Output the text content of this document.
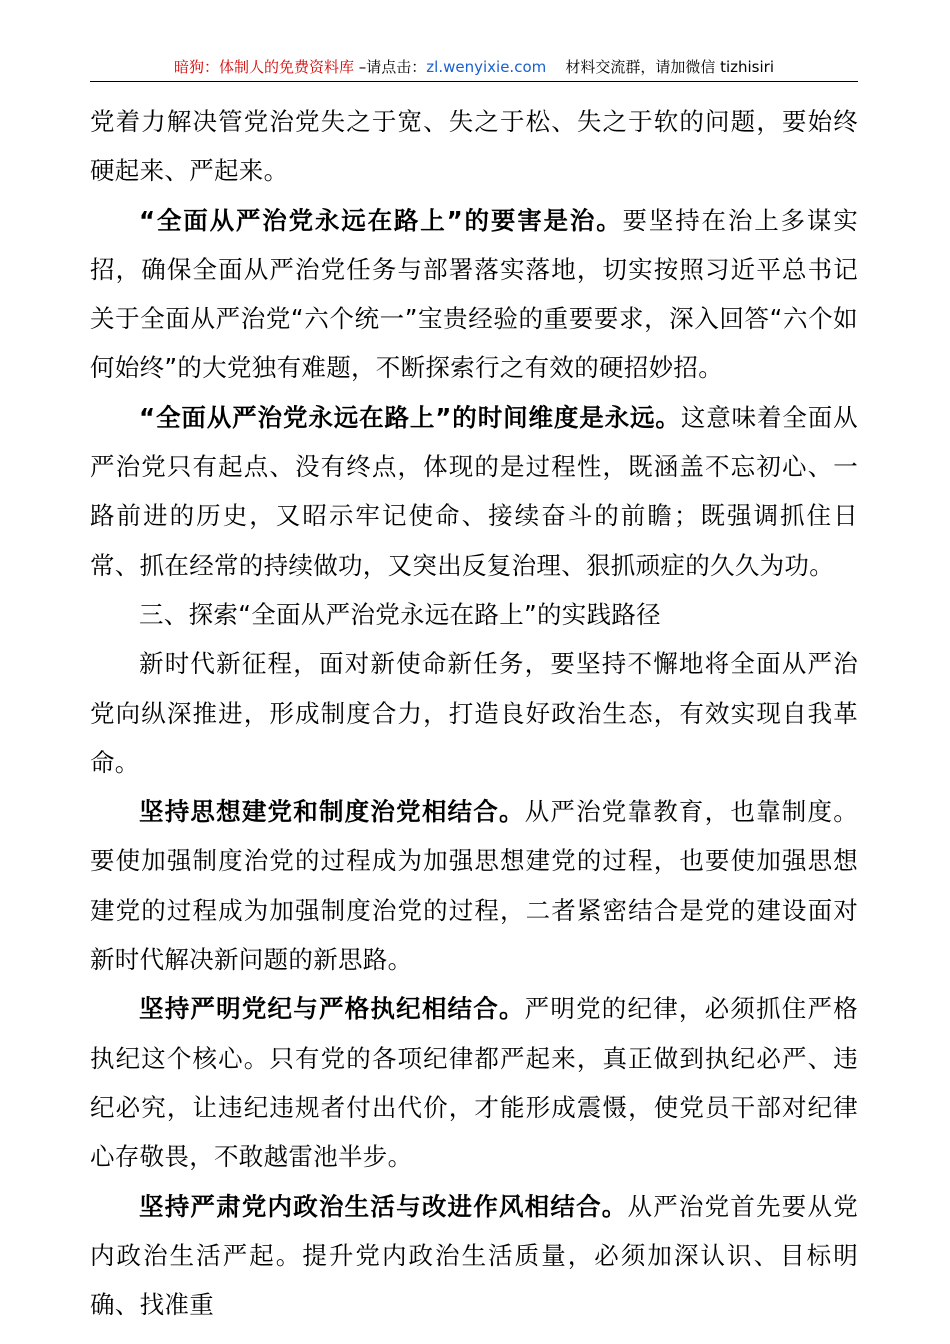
暗狗：体制人的免费资料库 –请点击：zl.wenyixie.com 材料交流群，请加微信 tizhisiri

党着力解决管党治党失之于宽、失之于松、失之于软的问题，要始终硬起来、严起来。

“全面从严治党永远在路上”的要害是治。要坚持在治上多谋实招，确保全面从严治党任务与部署落实落地，切实按照习近平总书记关于全面从严治党“六个统一”宝贵经验的重要要求，深入回答“六个如何始终”的大党独有难题，不断探索行之有效的硬招妙招。

“全面从严治党永远在路上”的时间维度是永远。这意味着全面从严治党只有起点、没有终点，体现的是过程性，既涵盖不忘初心、一路前进的历史，又昭示牢记使命、接续奋斗的前瞻；既强调抓住日常、抓在经常的持续做功，又突出反复治理、狠抓顽症的久久为功。

三、探索“全面从严治党永远在路上”的实践路径

新时代新征程，面对新使命新任务，要坚持不懈地将全面从严治党向纵深推进，形成制度合力，打造良好政治生态，有效实现自我革命。

坚持思想建党和制度治党相结合。从严治党靠教育，也靠制度。要使加强制度治党的过程成为加强思想建党的过程，也要使加强思想建党的过程成为加强制度治党的过程，二者紧密结合是党的建设面对新时代解决新问题的新思路。

坚持严明党纪与严格执纪相结合。严明党的纪律，必须抓住严格执纪这个核心。只有党的各项纪律都严起来，真正做到执纪必严、违纪必究，让违纪违规者付出代价，才能形成震慑，使党员干部对纪律心存敬畏，不敢越雷池半步。

坚持严肃党内政治生活与改进作风相结合。从严治党首先要从党内政治生活严起。提升党内政治生活质量，必须加深认识、目标明确、找准重
